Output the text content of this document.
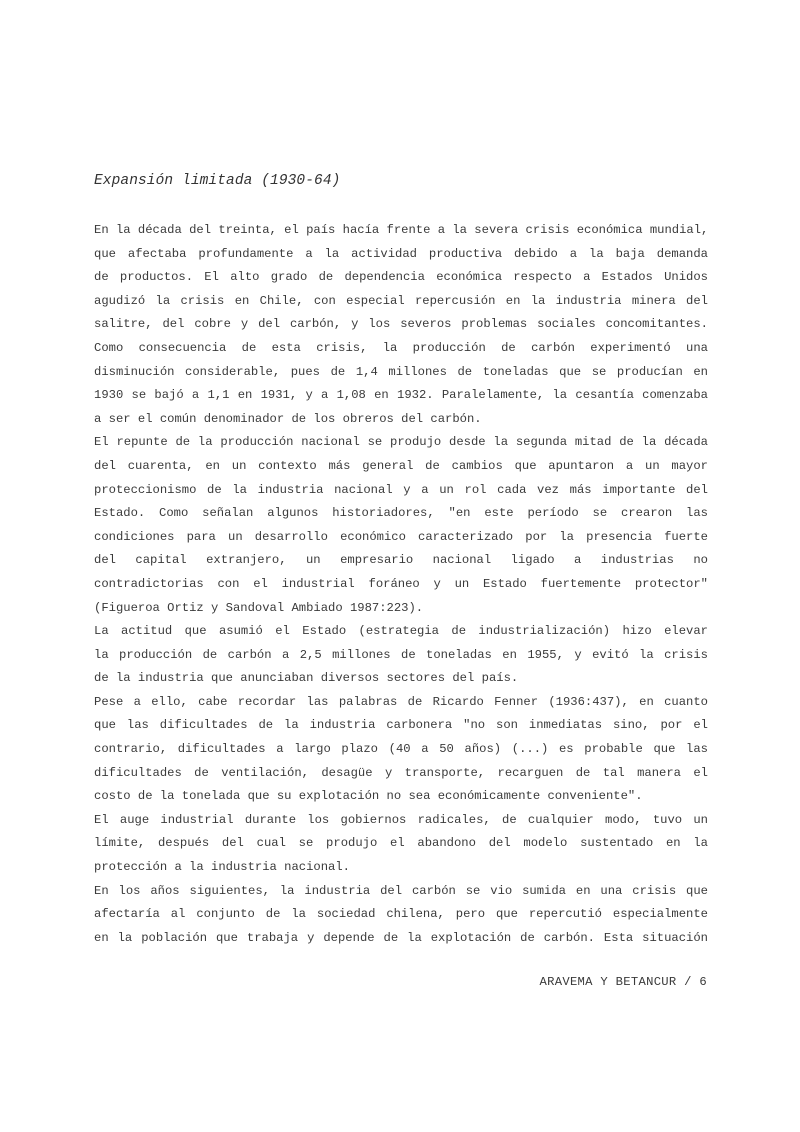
Expansión limitada (1930-64)
En la década del treinta, el país hacía frente a la severa crisis económica mundial,
que afectaba profundamente a la actividad productiva debido a la baja demanda
de productos. El alto grado de dependencia económica respecto a Estados Unidos
agudizó la crisis en Chile, con especial repercusión en la industria minera del
salitre, del cobre y del carbón, y los severos problemas sociales concomitantes.
Como consecuencia de esta crisis, la producción de carbón experimentó una
disminución considerable, pues de 1,4 millones de toneladas que se producían en
1930 se bajó a 1,1 en 1931, y a 1,08 en 1932. Paralelamente, la cesantía comenzaba
a ser el común denominador de los obreros del carbón.
El repunte de la producción nacional se produjo desde la segunda mitad de la década
del cuarenta, en un contexto más general de cambios que apuntaron a un mayor
proteccionismo de la industria nacional y a un rol cada vez más importante del
Estado. Como señalan algunos historiadores, "en este período se crearon las
condiciones para un desarrollo económico caracterizado por la presencia fuerte
del capital extranjero, un empresario nacional ligado a industrias no
contradictorias con el industrial foráneo y un Estado fuertemente protector"
(Figueroa Ortiz y Sandoval Ambiado 1987:223).
La actitud que asumió el Estado (estrategia de industrialización) hizo elevar
la producción de carbón a 2,5 millones de toneladas en 1955, y evitó la crisis
de la industria que anunciaban diversos sectores del país.
Pese a ello, cabe recordar las palabras de Ricardo Fenner (1936:437), en cuanto
que las dificultades de la industria carbonera "no son inmediatas sino, por el
contrario, dificultades a largo plazo (40 a 50 años) (...) es probable que las
dificultades de ventilación, desagüe y transporte, recarguen de tal manera el
costo de la tonelada que su explotación no sea económicamente conveniente".
El auge industrial durante los gobiernos radicales, de cualquier modo, tuvo un
límite, después del cual se produjo el abandono del modelo sustentado en la
protección a la industria nacional.
En los años siguientes, la industria del carbón se vio sumida en una crisis que
afectaría al conjunto de la sociedad chilena, pero que repercutió especialmente
en la población que trabaja y depende de la explotación de carbón. Esta situación
ARAVEMA Y BETANCUR / 6
